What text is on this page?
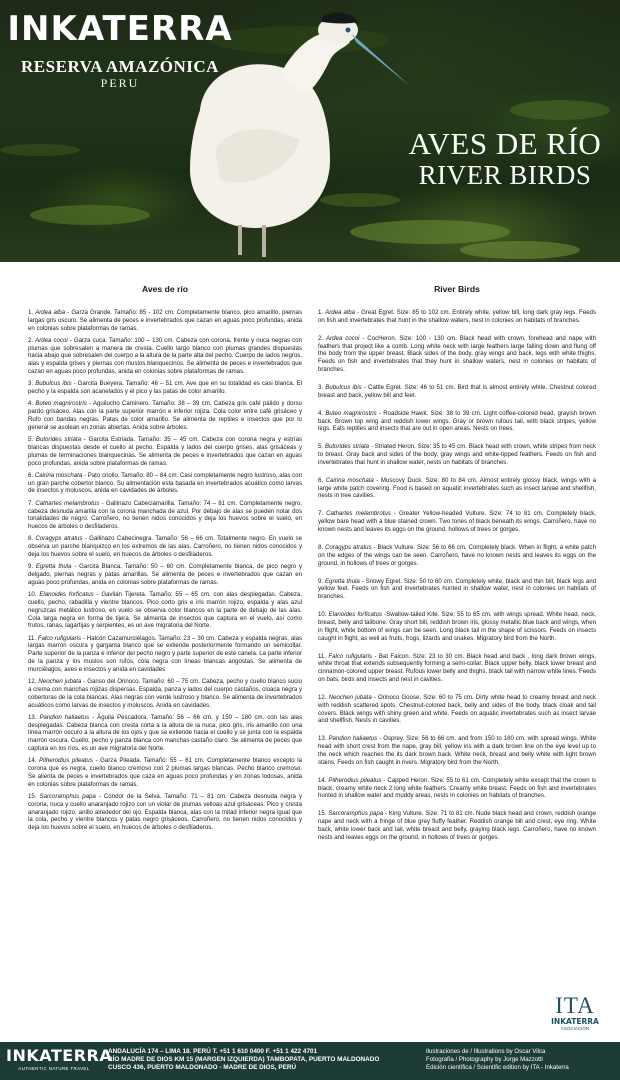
INKATERRA
RESERVA AMAZÓNICA
PERU
AVES DE RÍO
RIVER BIRDS
Aves de río

1. Ardea alba - Garza Grande. Tamaño: 85 - 102 cm. Completamente blanco, pico amarillo, piernas largas gris oscuro. Se alimenta de peces e invertebrados que cazan en aguas poco profundas, anida en colonias sobre plataformas de ramas.

2. Ardea cocoi - Garza cuca. Tamaño: 100 – 130 cm. Cabeza con corona, frente y nuca negras con plumas que sobresalen a manera de cresta. Cuello largo blanco con plumas grandes dispuestas hacia abajo que sobresalen del cuerpo a la altura de la parte alta del pecho. Cuerpo de lados negros, alas y espalda grises y piernas con muslos blanquecinos. Se alimenta de peces e invertebrados que cazan en aguas poco profundas, anida en colonias sobre plataformas de ramas.

3. Bubulcus ibis - Garcita Bueyera. Tamaño: 46 – 51 cm. Ave que en su totalidad es casi blanca. El pecho y la espalda son acanelados y el pico y las patas de color amarillo.

4. Buteo magnirostris - Aguilucho Caminero. Tamaño: 38 – 39 cm. Cabeza gris café pálido y dorso pardo grisáceo. Alas con la parte superior marrón e inferior rojiza. Cola color entre café grisáceo y Rufo con bandas negras. Patas de color amarillo. Se alimenta de reptiles e insectos que por lo general se asolean en zonas abiertas. Anida sobre árboles.

5. Butorides striata - Garcita Estriada. Tamaño: 35 – 45 cm. Cabeza con corona negra y estrías blancas dispuestas desde el cuello al pecho. Espalda y lados del cuerpo grises, alas grisáceas y plumas de terminaciones blanquecinas. Se alimenta de peces e invertebrados que cazan en aguas poco profundas, anida sobre plataformas de ramas.

6. Cairina moschata - Pato criollo. Tamaño: 80 – 84 cm. Casi completamente negro lustroso, alas con un gran parche cobertor blanco. Su alimentación esta basada en invertebrados acuático como larvas de insectos y moluscos, anida en cavidades de árboles.

7. Cathartes melambrotus - Gallinazo Cabeciamarilla. Tamaño: 74 – 81 cm. Completamente negro, cabeza desnuda amarilla con la corona manchada de azul. Por debajo de alas se pueden notar dos tonalidades de negro. Carroñero, no tienen nidos conocidos y deja los huevos sobre el suelo, en huecos de árboles o desfiladeros.

8. Coragyps atratus - Gallinazo Cabecinegra. Tamaño: 56 – 66 cm. Totalmente negro. En vuelo se observa un parche blanquizco en los extremos de las alas. Carroñero, no tienen nidos conocidos y deja los huevos sobre el suelo, en huecos de árboles o desfiladeros.

9. Egretta thula - Garcita Blanca. Tamaño: 50 – 60 cm. Completamente blanca, de pico negro y delgado, piernas negras y patas amarillas. Se alimenta de peces e invertebrados que cazan en aguas poco profundas, anida en colonias sobre plataformas de ramas.

10. Elanoides forficatus - Gavilán Tijereta. Tamaño: 55 – 65 cm. con alas desplegadas. Cabeza, cuello, pecho, rabadilla y vientre blancos. Pico corto gris e iris marrón rojizo, espalda y alas azul negruzcas metálico lustroso, en vuelo se observa color blancos en la parte de debajo de las alas. Cola larga negra en forma de tijera. Se alimenta de insectos que captura en el vuelo, así como frutos, ranas, lagartijas y serpientes, es un ave migratoria del Norte.

11. Falco rufigularis - Halcón Cazamurciélagos. Tamaño: 23 – 30 cm. Cabeza y espalda negras, alas largas marrón oscura y garganta blanco que se extiende posteriormente formando un semicollar. Parte superior de la panza e inferior del pecho negro y parte superior de este canela. La parte inferior de la panza y los muslos son rufos, cola negra con líneas blancas angostas. Se alimenta de murciélagos, aves e insectos y anida en cavidades

12. Neochen jubata - Ganso del Orinoco. Tamaño: 60 – 75 cm. Cabeza, pecho y cuello blanco sucio a crema con manchas rojizas dispersas. Espalda, panza y lados del cuerpo castaños, cloaca negra y cobertoras de la cola blancas. Alas negras con verde lustroso y blanco. Se alimenta de invertebrados acuáticos como larvas de insectos y moluscos. Anida en cavidades.

13. Pandion haliaetus - Águila Pescadora. Tamaño: 56 – 66 cm. y 150 – 180 cm. con las alas desplegadas. Cabeza blanca con cresta corta a la altura de la nuca, pico gris, iris amarillo con una línea marrón oscuro a la altura de los ojos y que se extiende hacia el cuello y se junta con la espalda marrón oscura. Cuello, pecho y panza blanca con manchas castaño claro. Se alimenta de peces que captura en los ríos, es un ave migratoria del Norte.

14. Pilherodius pileatus - Garza Pileada. Tamaño: 55 – 61 cm. Completamente blanco excepto la corona que es negra, cuello blanco cremoso con 2 plumas largas blancas. Pecho blanco cremoso. Se alienta de peces e invertebrados que caza en aguas poco profundas y en zonas lodosas, anida en colonias sobre plataformas de ramas.

15. Sarcoramphus papa - Cóndor de la Selva. Tamaño: 71 – 81 cm. Cabeza desnuda negra y corona, nuca y cuello anaranjado rojizo con un violar de plumas velloas azul grisáceas. Pico y cresta anaranjado rojizo, anillo alrededor del ojo. Espalda blanca, alas con la mitad inferior negra igual que la cola, pecho y vientre blancos y patas negro grisáceos. Carroñero, no tienen nidos conocidos y deja los huevos sobre el suelo, en huecos de árboles o desfiladeros.

River Birds

1. Ardea alba - Great Egret. Size: 85 to 102 cm. Entirely white, yellow bill, long dark gray legs. Feeds on fish and invertebrates that hunt in the shallow waters, nest in colonies on habitats of branches.

2. Ardea cocoi - CocHeron. Size: 100 - 130 cm. Black head with crown, forehead and nape with feathers that project like a comb. Long white neck with large feathers large falling down and flung off the body from the upper breast. Black sides of the body, gray wings and back, legs with white thighs. Feeds on fish and invertebrates that they hunt in shallow waters, nest in colonies on habitats of branches.

3. Bubulcus ibis - Cattle Egret. Size: 46 to 51 cm. Bird that is almost entirely white. Chestnut colored breast and back, yellow bill and feet.

4. Buteo magnirostris - Roadside Hawk. Size: 38 to 39 cm. Light coffee-colored head, grayish brown back. Brown top wing and reddish lower wings. Gray or brown rufous tail, with black stripes, yellow legs. Eats reptiles and insects that are out in open areas. Nests on trees.

5. Butorides striata - Striated Heron. Size: 35 to 45 cm. Black head with crown, white stripes from neck to breast. Gray back and sides of the body, gray wings and white-tipped feathers. Feeds on fish and invertebrates that hunt in shallow water, nests on habitats of branches.

6. Cairina moschata - Muscovy Duck. Size: 80 to 84 cm. Almost entirely glossy black, wings with a large white patch covering. Food is based on aquatic invertebrates such as insect larvae and shellfish, nests in tree cavities.

7. Cathartes melambrotus - Greater Yellow-headed Vulture. Size: 74 to 81 cm. Completely black, yellow bare head with a blue stained crown. Two tones of black beneath its wings. Carroñero, have no known nests and leaves its eggs on the ground, hollows of trees or gorges.

8. Coragyps atratus - Black Vulture. Size: 56 to 66 cm. Completely black. When in flight, a white patch on the edges of the wings can be seen. Carroñero, have no known nests and leaves its eggs on the ground, in hollows of trees or gorges.

9. Egretta thula - Snowy Egret. Size: 50 to 60 cm. Completely white, black and thin bill, black legs and yellow feet. Feeds on fish and invertebrates hunted in shallow water, nest in colonies on habitats of branches.

10. Elanoides forficatus -Swallow-tailed Kite. Size: 55 to 65 cm. with wings spread. White head, neck, breast, belly and tailbone. Gray short bill, reddish brown iris, glossy metallic blue back and wings, when in flight, white bottom of wings can be seen. Long black tail in the shape of scissors. Feeds on insects caught in flight, as well as fruits, frogs, lizards and snakes. Migratory bird from the North.

11. Falco rufigularis - Bat Falcon. Size: 23 to 30 cm. Black head and back , long dark brown wings, white throat that extends subsequently forming a semi-collar. Black upper belly, black lower breast and cinnamon-colored upper breast. Rufous lower belly and thighs, black tail with narrow white lines. Feeds on bats, birds and insects and nest in cavities.

12. Neochen jubata - Orinoco Goose. Size: 60 to 75 cm. Dirty white head to creamy breast and neck with reddish scattered spots. Chestnut-colored back, belly and sides of the body, black cloak and tail covers. Black wings with shiny green and white. Feeds on aquatic invertebrates such as insect larvae and shellfish. Nests in cavities.

13. Pandion haliaetus - Osprey. Size: 56 to 66 cm. and from 150 to 180 cm. with spread wings. White head with short crest from the nape, gray bill, yellow iris with a dark brown line on the eye level up to the neck which reaches the its dark brown back. White neck, breast and belly white with light brown stains. Feeds on fish caught in rivers. Migratory bird from the North.

14. Pilherodius pileatus - Capped Heron. Size: 55 to 61 cm. Completely white except that the crown is black, creamy white neck 2 long white feathers. Creamy white breast. Feeds on fish and invertebrates hunted in shallow water and muddy areas, nests in colonies on habitats of branches.

15. Sarcoramphus papa - King Vulture. Size: 71 to 81 cm. Nude black head and crown, reddish orange nape and neck with a fringe of blue grey fluffy feather. Reddish orange bill and crest, eye ring. White back, white lower back and tail, white breast and belly, graying black legs. Carroñero, have no known nests and leaves eggs on the ground, in hollows of trees or gorges.

ITA
INKATERRA
ASOCIACIÓN
INKATERRA
AUTHENTIC NATURE TRAVEL
ANDALUCÍA 174 – LIMA 18. PERÚ T. +51 1 610 0400 F. +51 1 422 4701
RÍO MADRE DE DIOS KM 15 (MARGEN IZQUIERDA) TAMBOPATA, PUERTO MALDONADO
CUSCO 436, PUERTO MALDONADO - MADRE DE DIOS, PERÚ
Ilustraciones de / Illustrations by Oscar Vilca
Fotografía / Photography by Jorge Mazzotti
Edición científica / Scientific edition by ITA - Inkaterra
